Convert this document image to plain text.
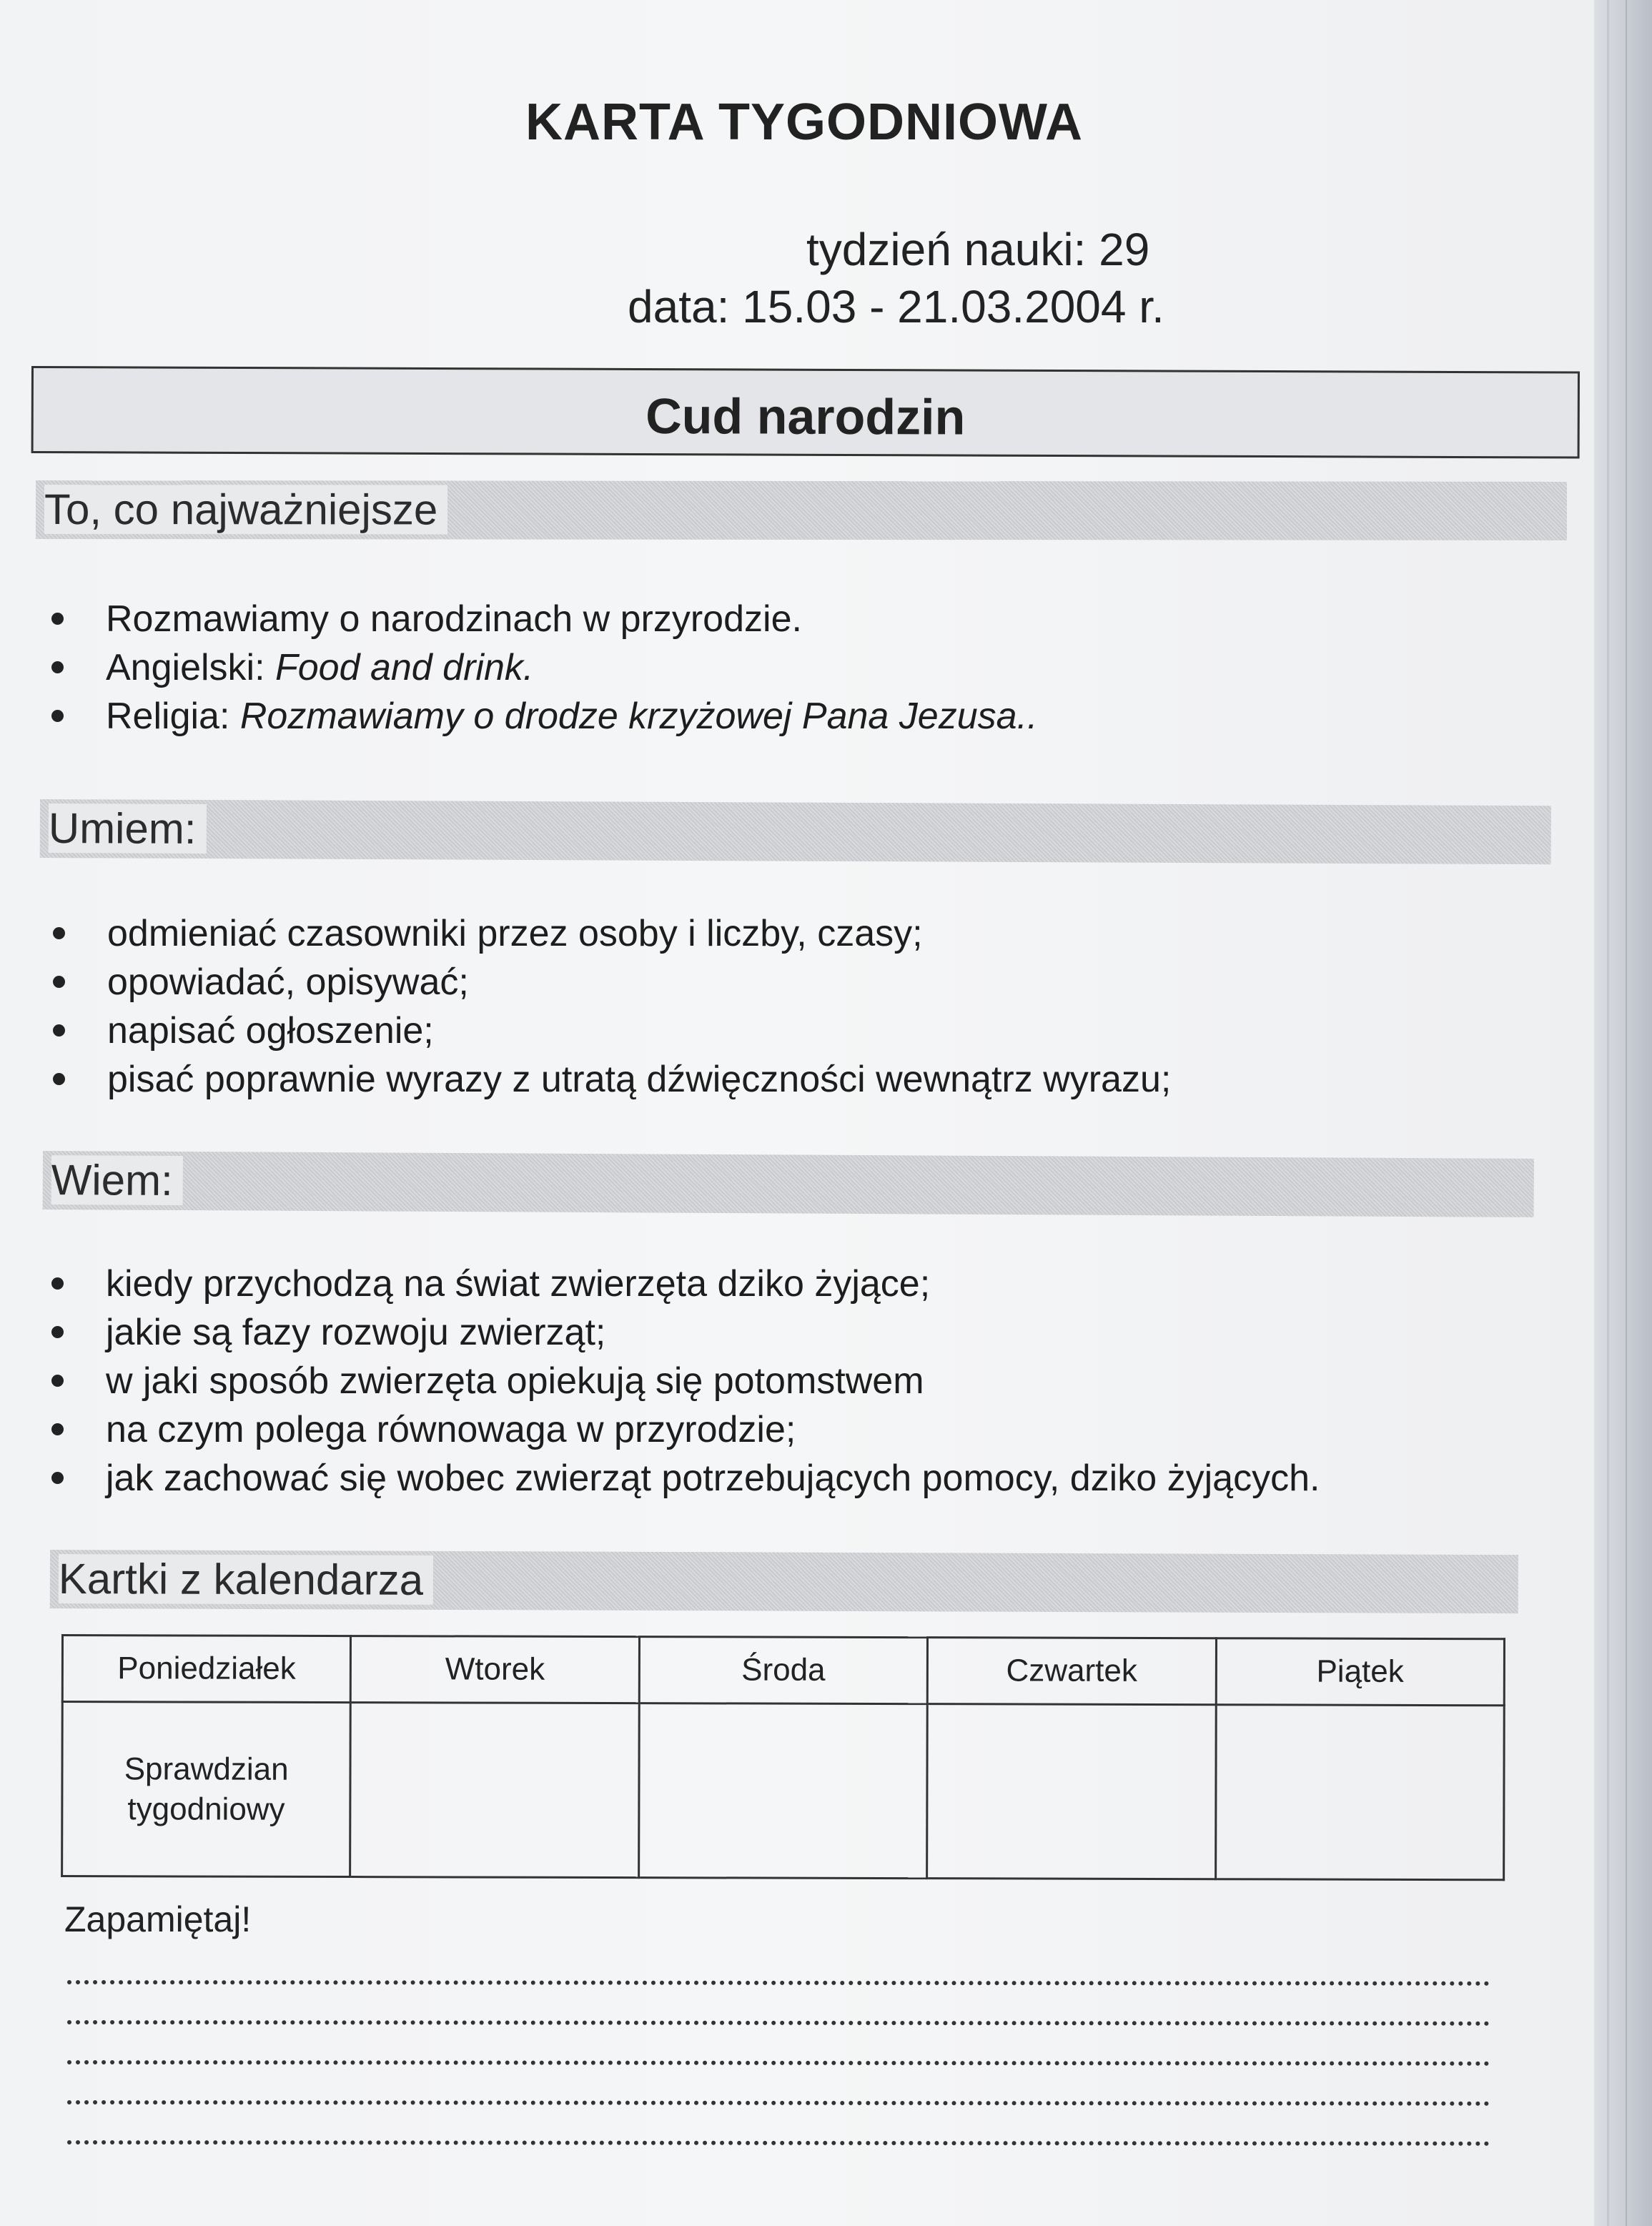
KARTA TYGODNIOWA
tydzień nauki: 29
data: 15.03 - 21.03.2004 r.
Cud narodzin
To, co najważniejsze
Rozmawiamy o narodzinach w przyrodzie.
Angielski: Food and drink.
Religia: Rozmawiamy o drodze krzyżowej Pana Jezusa..
Umiem:
odmieniać czasowniki przez osoby i liczby, czasy;
opowiadać, opisywać;
napisać ogłoszenie;
pisać poprawnie wyrazy z utratą dźwięczności wewnątrz wyrazu;
Wiem:
kiedy przychodzą na świat zwierzęta dziko żyjące;
jakie są fazy rozwoju zwierząt;
w jaki sposób zwierzęta opiekują się potomstwem
na czym polega równowaga w przyrodzie;
jak zachować się wobec zwierząt potrzebujących pomocy, dziko żyjących.
Kartki z kalendarza
Poniedziałek	Wtorek	Środa	Czwartek	Piątek
Sprawdzian tygodniowy				
Zapamiętaj!
